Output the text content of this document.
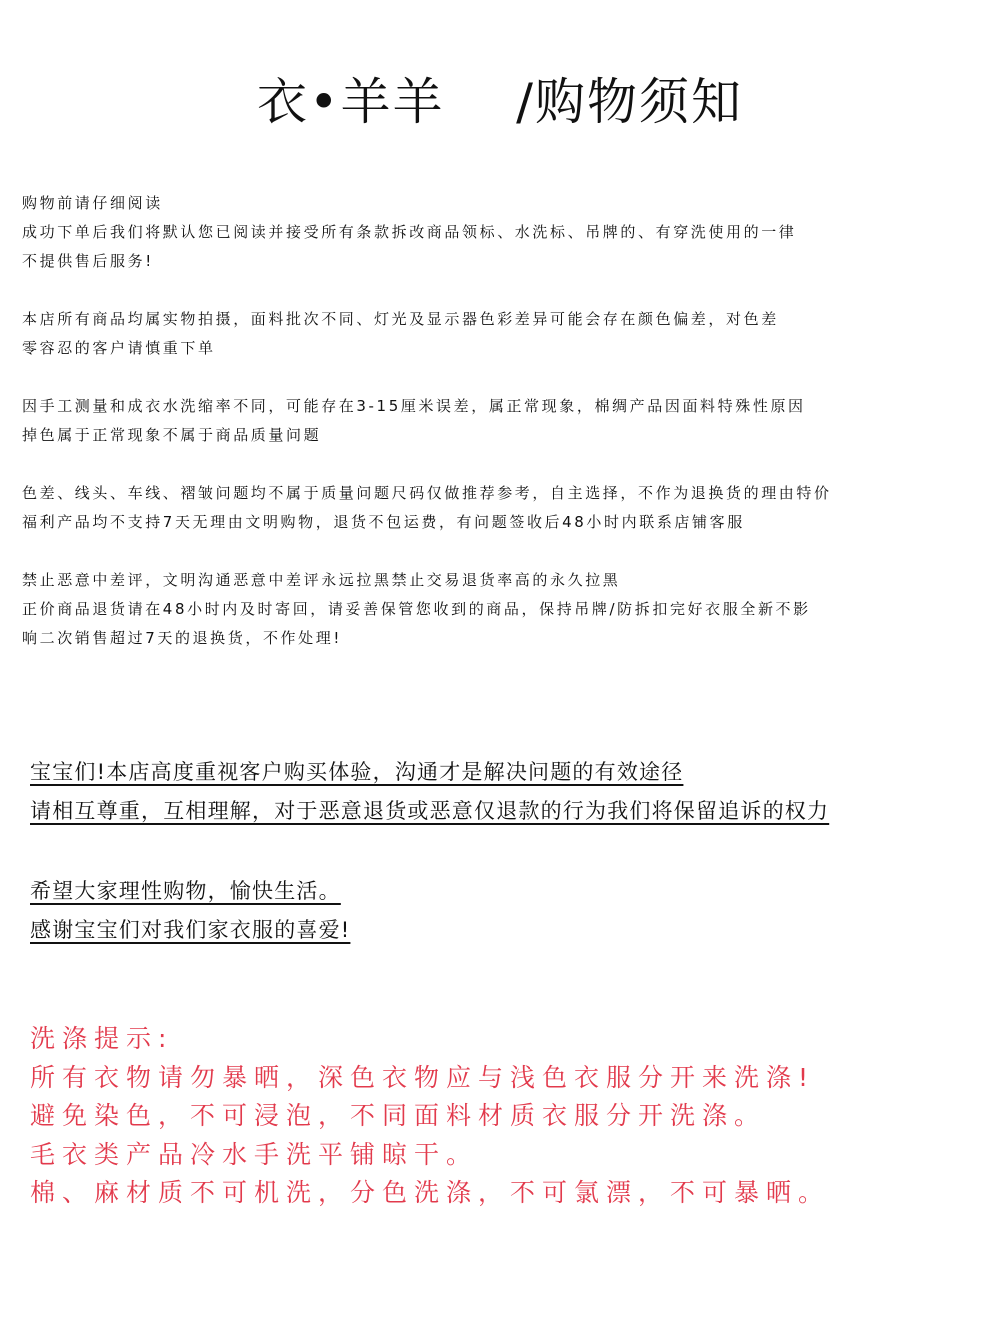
衣•羊羊    /购物须知
购物前请仔细阅读
成功下单后我们将默认您已阅读并接受所有条款拆改商品领标、水洗标、吊牌的、有穿洗使用的一律
不提供售后服务!
本店所有商品均属实物拍摄，面料批次不同、灯光及显示器色彩差异可能会存在颜色偏差，对色差
零容忍的客户请慎重下单
因手工测量和成衣水洗缩率不同，可能存在3-15厘米误差，属正常现象，棉绸产品因面料特殊性原因
掉色属于正常现象不属于商品质量问题
色差、线头、车线、褶皱问题均不属于质量问题尺码仅做推荐参考，自主选择，不作为退换货的理由特价
福利产品均不支持7天无理由文明购物，退货不包运费，有问题签收后48小时内联系店铺客服
禁止恶意中差评，文明沟通恶意中差评永远拉黑禁止交易退货率高的永久拉黑
正价商品退货请在48小时内及时寄回，请妥善保管您收到的商品，保持吊牌/防拆扣完好衣服全新不影
响二次销售超过7天的退换货，不作处理!
宝宝们!本店高度重视客户购买体验，沟通才是解决问题的有效途径
请相互尊重，互相理解，对于恶意退货或恶意仅退款的行为我们将保留追诉的权力
希望大家理性购物，愉快生活。
感谢宝宝们对我们家衣服的喜爱!
洗涤提示:
所有衣物请勿暴晒，深色衣物应与浅色衣服分开来洗涤!
避免染色，不可浸泡，不同面料材质衣服分开洗涤。
毛衣类产品冷水手洗平铺晾干。
棉、麻材质不可机洗，分色洗涤，不可氯漂，不可暴晒。
